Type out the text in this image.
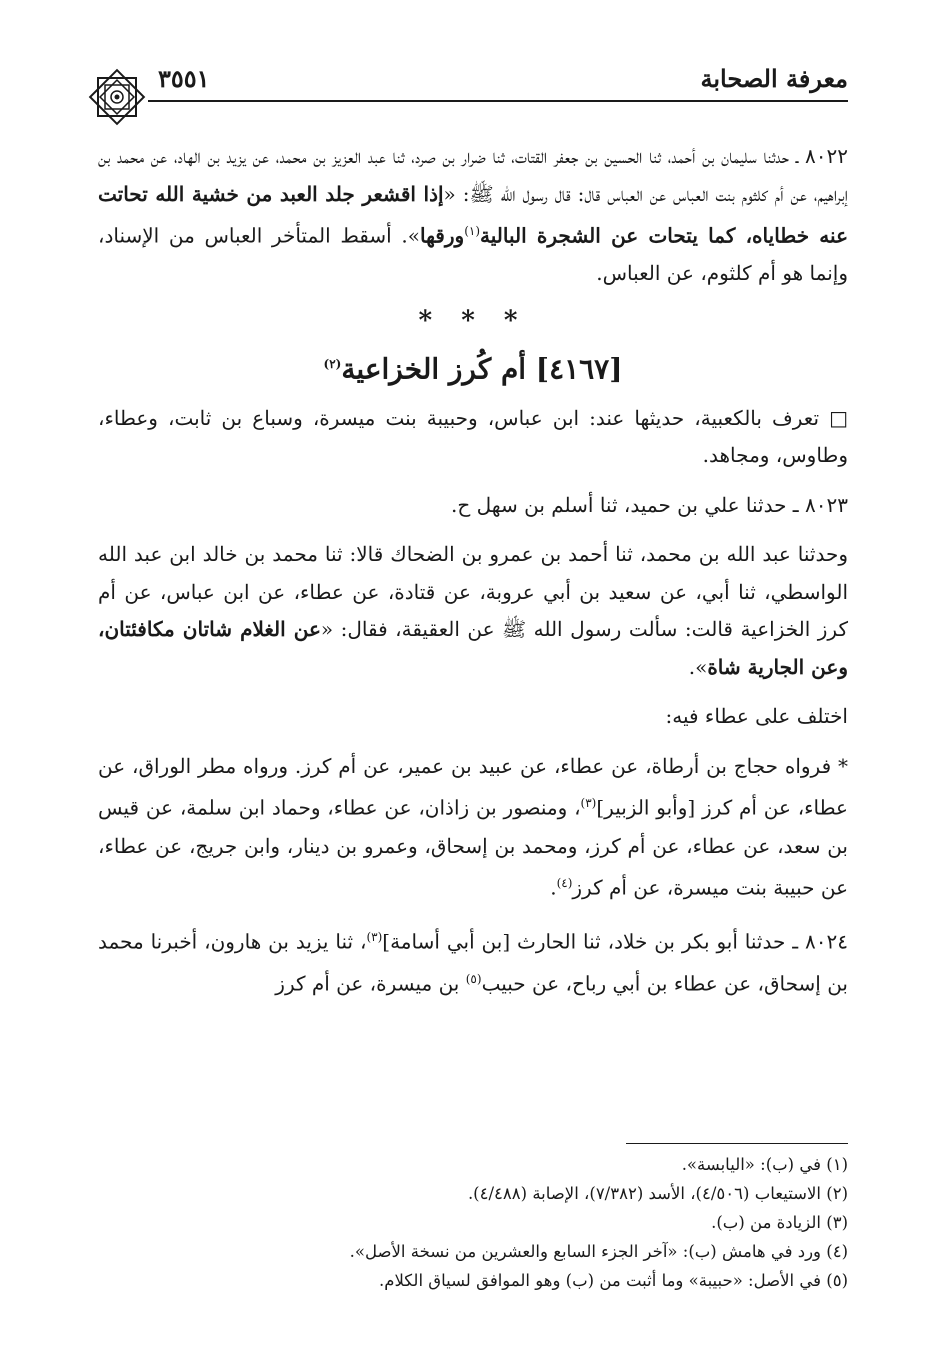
معرفة الصحابة
٣٥٥١

٨٠٢٢ ـ حدثنا سليمان بن أحمد، ثنا الحسين بن جعفر القتات، ثنا ضرار بن صرد، ثنا عبد العزيز بن محمد، عن يزيد بن الهاد، عن محمد بن إبراهيم، عن أم كلثوم بنت العباس عن العباس قال: قال رسول الله ﷺ: «إذا اقشعر جلد العبد من خشية الله تحاتت عنه خطاياه، كما يتحات عن الشجرة البالية$^{(١)}$ورقها». أسقط المتأخر العباس من الإسناد، وإنما هو أم كلثوم، عن العباس.

* * *
[٤١٦٧] أم كُرز الخزاعية$^{(٢)}$

□ تعرف بالكعبية، حديثها عند: ابن عباس، وحبيبة بنت ميسرة، وسباع بن ثابت، وعطاء، وطاوس، ومجاهد.

٨٠٢٣ ـ حدثنا علي بن حميد، ثنا أسلم بن سهل ح.

وحدثنا عبد الله بن محمد، ثنا أحمد بن عمرو بن الضحاك قالا: ثنا محمد بن خالد ابن عبد الله الواسطي، ثنا أبي، عن سعيد بن أبي عروبة، عن قتادة، عن عطاء، عن ابن عباس، عن أم كرز الخزاعية قالت: سألت رسول الله ﷺ عن العقيقة، فقال: «عن الغلام شاتان مكافئتان، وعن الجارية شاة».

اختلف على عطاء فيه:

* فرواه حجاج بن أرطاة، عن عطاء، عن عبيد بن عمير، عن أم كرز. ورواه مطر الوراق، عن عطاء، عن أم كرز [وأبو الزبير]$^{(٣)}$، ومنصور بن زاذان، عن عطاء، وحماد ابن سلمة، عن قيس بن سعد، عن عطاء، عن أم كرز، ومحمد بن إسحاق، وعمرو بن دينار، وابن جريج، عن عطاء، عن حبيبة بنت ميسرة، عن أم كرز$^{(٤)}$.

٨٠٢٤ ـ حدثنا أبو بكر بن خلاد، ثنا الحارث [بن أبي أسامة]$^{(٣)}$، ثنا يزيد بن هارون، أخبرنا محمد بن إسحاق، عن عطاء بن أبي رباح، عن حبيب$^{(٥)}$ بن ميسرة، عن أم كرز

(١) في (ب): «اليابسة».

(٢) الاستيعاب (٤/٥٠٦)، الأسد (٧/٣٨٢)، الإصابة (٤/٤٨٨).

(٣) الزيادة من (ب).

(٤) ورد في هامش (ب): «آخر الجزء السابع والعشرين من نسخة الأصل».

(٥) في الأصل: «حبيبة» وما أثبت من (ب) وهو الموافق لسياق الكلام.
